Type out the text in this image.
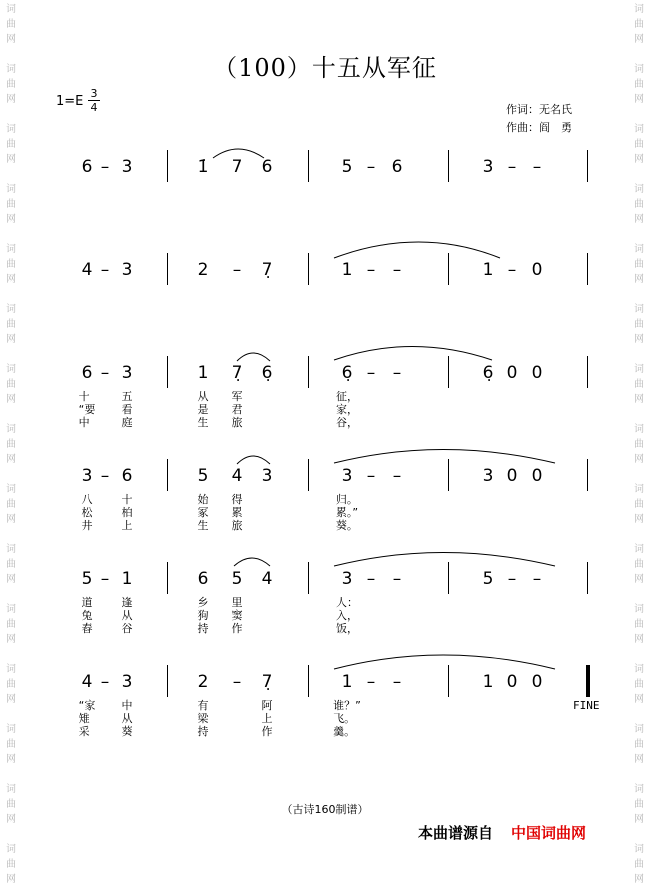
词
曲
网
词
曲
网
词
曲
网
词
曲
网
词
曲
网
词
曲
网
词
曲
网
词
曲
网
词
曲
网
词
曲
网
词
曲
网
词
曲
网
词
曲
网
词
曲
网
词
曲
网
词
曲
网
词
曲
网
词
曲
网
词
曲
网
词
曲
网
词
曲
网
词
曲
网
词
曲
网
词
曲
网
词
曲
网
词
曲
网
词
曲
网
词
曲
网
词
曲
网
词
曲
网
（100）十五从军征
$1=E \frac{3}{4}$	作词：无名氏
作曲：阎　勇
6 – 3	1̇ 7 6	5 – 6	3 – –
4 – 3	2 – 7̣	1 – –	1 – 0
6 – 3	1 7̣ 6̣	6̣ – –	6̣ 0 0
十
“要
中
五
看
庭
从
是
生
军
君
旅
征，
家，
谷，
3 – 6	5 4 3	3 – –	3 0 0
八
松
井
十
柏
上
始
冢
生
得
累
旅
归。
累。”
葵。
5 – 1	6 5 4	3 – –	5 – –
道
兔
舂
逢
从
谷
乡
狗
持
里
窦
作
人：
入，
饭，
4 – 3	2 – 7̣	1 – –	1 0 0
“家
雉
采
中
从
葵
有
梁
持
阿
上
作
谁？”
飞。
羹。
FINE
（古诗160制谱）
本曲谱源自 中国词曲网
